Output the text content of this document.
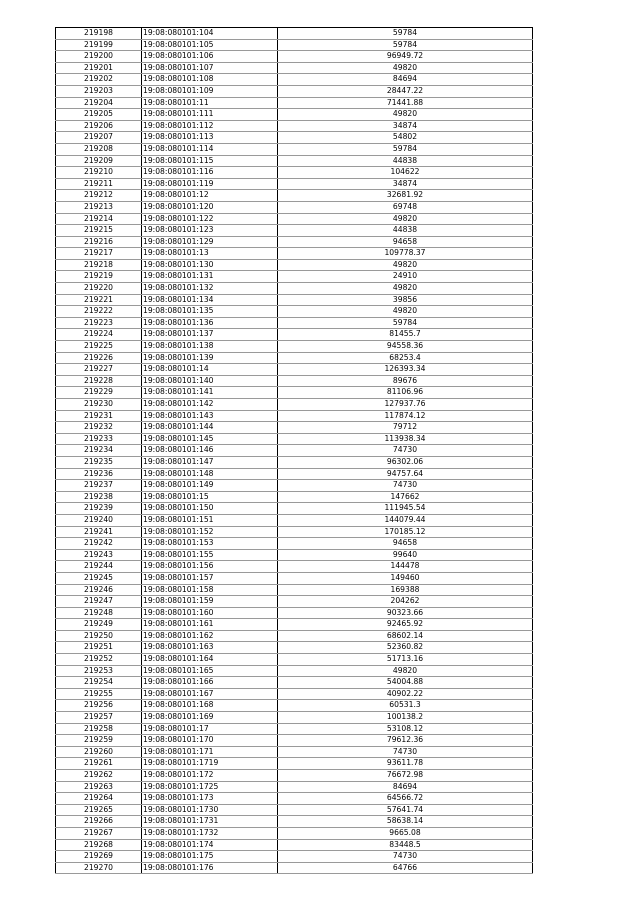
219198	19:08:080101:104	59784
219199	19:08:080101:105	59784
219200	19:08:080101:106	96949.72
219201	19:08:080101:107	49820
219202	19:08:080101:108	84694
219203	19:08:080101:109	28447.22
219204	19:08:080101:11	71441.88
219205	19:08:080101:111	49820
219206	19:08:080101:112	34874
219207	19:08:080101:113	54802
219208	19:08:080101:114	59784
219209	19:08:080101:115	44838
219210	19:08:080101:116	104622
219211	19:08:080101:119	34874
219212	19:08:080101:12	32681.92
219213	19:08:080101:120	69748
219214	19:08:080101:122	49820
219215	19:08:080101:123	44838
219216	19:08:080101:129	94658
219217	19:08:080101:13	109778.37
219218	19:08:080101:130	49820
219219	19:08:080101:131	24910
219220	19:08:080101:132	49820
219221	19:08:080101:134	39856
219222	19:08:080101:135	49820
219223	19:08:080101:136	59784
219224	19:08:080101:137	81455.7
219225	19:08:080101:138	94558.36
219226	19:08:080101:139	68253.4
219227	19:08:080101:14	126393.34
219228	19:08:080101:140	89676
219229	19:08:080101:141	81106.96
219230	19:08:080101:142	127937.76
219231	19:08:080101:143	117874.12
219232	19:08:080101:144	79712
219233	19:08:080101:145	113938.34
219234	19:08:080101:146	74730
219235	19:08:080101:147	96302.06
219236	19:08:080101:148	94757.64
219237	19:08:080101:149	74730
219238	19:08:080101:15	147662
219239	19:08:080101:150	111945.54
219240	19:08:080101:151	144079.44
219241	19:08:080101:152	170185.12
219242	19:08:080101:153	94658
219243	19:08:080101:155	99640
219244	19:08:080101:156	144478
219245	19:08:080101:157	149460
219246	19:08:080101:158	169388
219247	19:08:080101:159	204262
219248	19:08:080101:160	90323.66
219249	19:08:080101:161	92465.92
219250	19:08:080101:162	68602.14
219251	19:08:080101:163	52360.82
219252	19:08:080101:164	51713.16
219253	19:08:080101:165	49820
219254	19:08:080101:166	54004.88
219255	19:08:080101:167	40902.22
219256	19:08:080101:168	60531.3
219257	19:08:080101:169	100138.2
219258	19:08:080101:17	53108.12
219259	19:08:080101:170	79612.36
219260	19:08:080101:171	74730
219261	19:08:080101:1719	93611.78
219262	19:08:080101:172	76672.98
219263	19:08:080101:1725	84694
219264	19:08:080101:173	64566.72
219265	19:08:080101:1730	57641.74
219266	19:08:080101:1731	58638.14
219267	19:08:080101:1732	9665.08
219268	19:08:080101:174	83448.5
219269	19:08:080101:175	74730
219270	19:08:080101:176	64766
